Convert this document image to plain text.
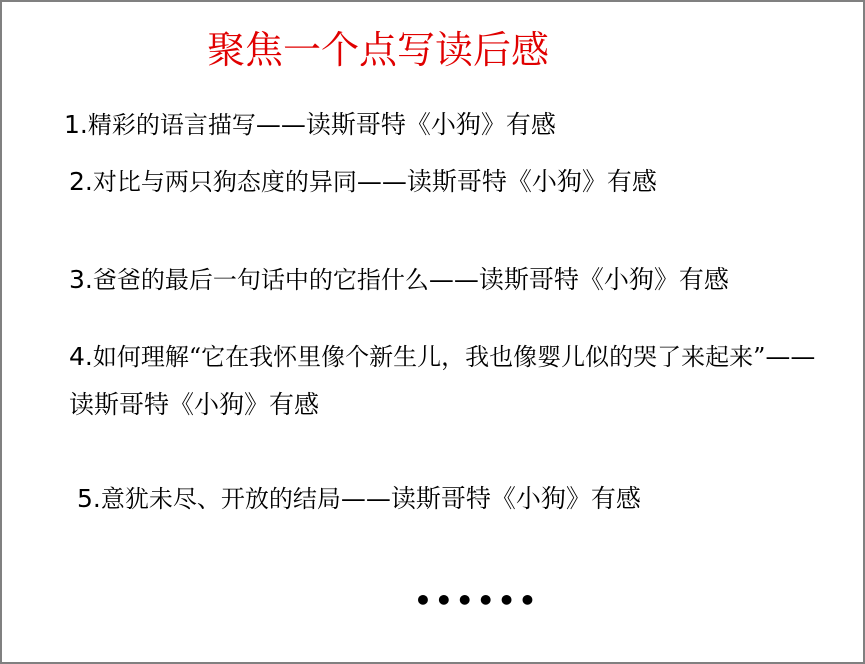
聚焦一个点写读后感
1.精彩的语言描写——读斯哥特《小狗》有感
2.对比与两只狗态度的异同——读斯哥特《小狗》有感
3.爸爸的最后一句话中的它指什么——读斯哥特《小狗》有感
4.如何理解“它在我怀里像个新生儿，我也像婴儿似的哭了来起来”——读斯哥特《小狗》有感
5.意犹未尽、开放的结局——读斯哥特《小狗》有感
••••••
